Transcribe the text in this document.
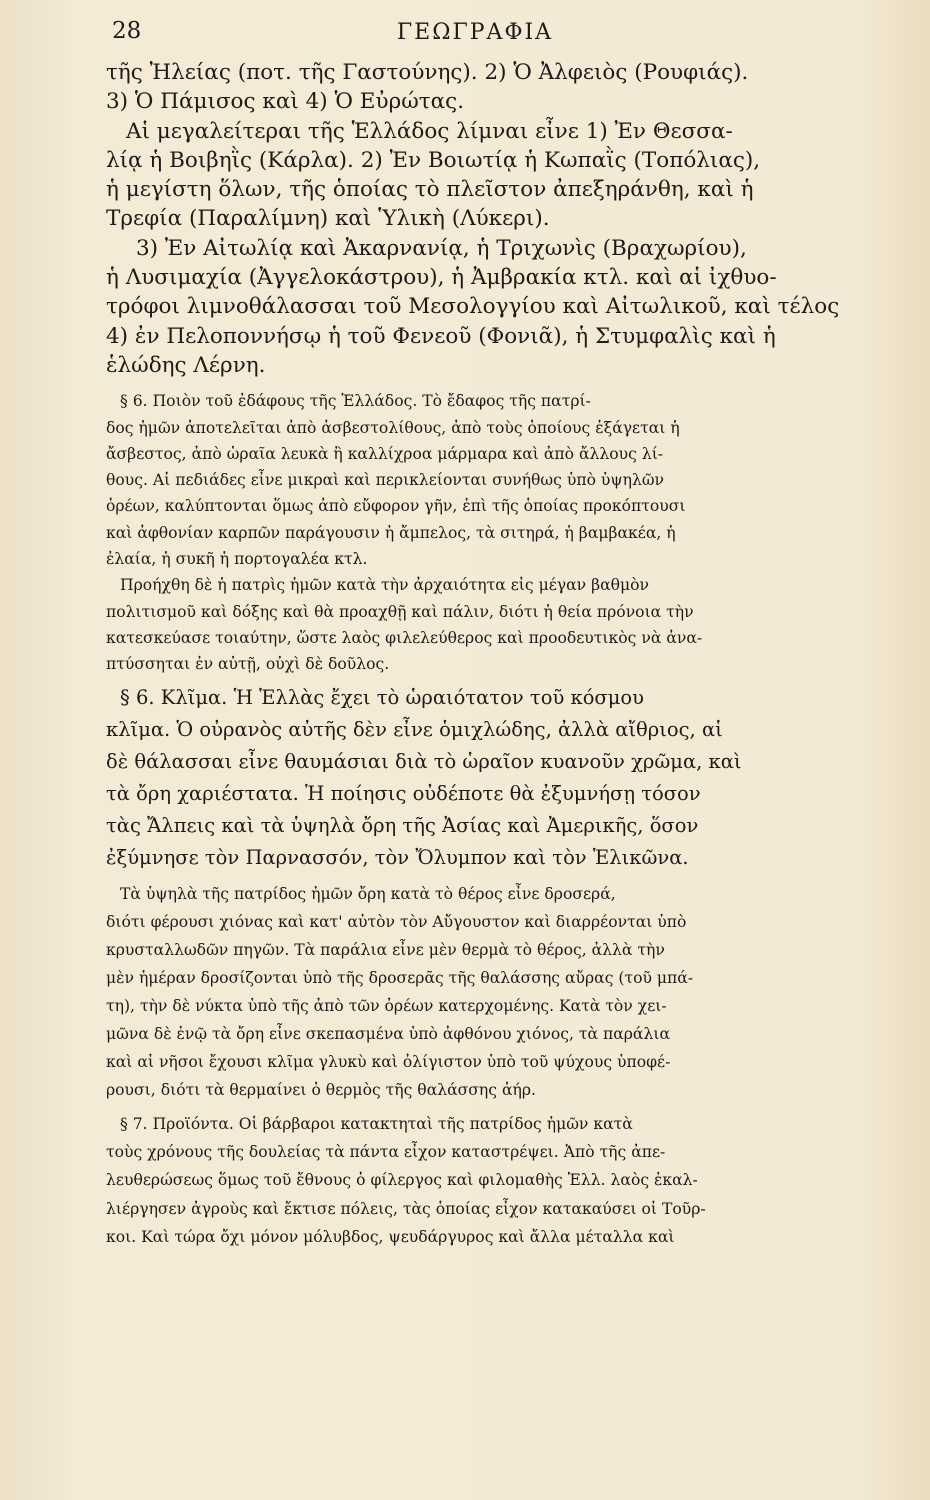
28	ΓΕΩΓΡΑΦΙΑ
τῆς Ἠλείας (ποτ. τῆς Γαστούνης). 2) Ὁ Ἀλφειὸς (Ρουφιάς).
3) Ὁ Πάμισος καὶ 4) Ὁ Εὐρώτας.
Αἱ μεγαλείτεραι τῆς Ἑλλάδος λίμναι εἶνε 1) Ἐν Θεσσα-
λίᾳ ἡ Βοιβηῒς (Κάρλα). 2) Ἐν Βοιωτίᾳ ἡ Κωπαῒς (Τοπόλιας),
ἡ μεγίστη ὅλων, τῆς ὁποίας τὸ πλεῖστον ἀπεξηράνθη, καὶ ἡ
Τρεφία (Παραλίμνη) καὶ Ὑλικὴ (Λύκερι).
3) Ἐν Αἰτωλίᾳ καὶ Ἀκαρνανίᾳ, ἡ Τριχωνὶς (Βραχωρίου),
ἡ Λυσιμαχία (Ἀγγελοκάστρου), ἡ Ἀμβρακία κτλ. καὶ αἱ ἰχθυο-
τρόφοι λιμνοθάλασσαι τοῦ Μεσολογγίου καὶ Αἰτωλικοῦ, καὶ τέλος
4) ἐν Πελοποννήσῳ ἡ τοῦ Φενεοῦ (Φονιᾶ), ἡ Στυμφαλὶς καὶ ἡ
ἑλώδης Λέρνη.
§ 6. Ποιὸν τοῦ ἐδάφους τῆς Ἑλλάδος. Τὸ ἔδαφος τῆς πατρί-
δος ἡμῶν ἀποτελεῖται ἀπὸ ἀσβεστολίθους, ἀπὸ τοὺς ὁποίους ἐξάγεται ἡ
ἄσβεστος, ἀπὸ ὡραῖα λευκὰ ἢ καλλίχροα μάρμαρα καὶ ἀπὸ ἄλλους λί-
θους. Αἱ πεδιάδες εἶνε μικραὶ καὶ περικλείονται συνήθως ὑπὸ ὑψηλῶν
ὀρέων, καλύπτονται ὅμως ἀπὸ εὔφορον γῆν, ἐπὶ τῆς ὁποίας προκόπτουσι
καὶ ἀφθονίαν καρπῶν παράγουσιν ἡ ἄμπελος, τὰ σιτηρά, ἡ βαμβακέα, ἡ
ἐλαία, ἡ συκῆ ἡ πορτογαλέα κτλ.
Προήχθη δὲ ἡ πατρὶς ἡμῶν κατὰ τὴν ἀρχαιότητα εἰς μέγαν βαθμὸν
πολιτισμοῦ καὶ δόξης καὶ θὰ προαχθῇ καὶ πάλιν, διότι ἡ θεία πρόνοια τὴν
κατεσκεύασε τοιαύτην, ὥστε λαὸς φιλελεύθερος καὶ προοδευτικὸς νὰ ἀνα-
πτύσσηται ἐν αὐτῇ, οὐχὶ δὲ δοῦλος.
§ 6. Κλῖμα. Ἡ Ἑλλὰς ἔχει τὸ ὡραιότατον τοῦ κόσμου
κλῖμα. Ὁ οὐρανὸς αὐτῆς δὲν εἶνε ὁμιχλώδης, ἀλλὰ αἴθριος, αἱ
δὲ θάλασσαι εἶνε θαυμάσιαι διὰ τὸ ὡραῖον κυανοῦν χρῶμα, καὶ
τὰ ὄρη χαριέστατα. Ἡ ποίησις οὐδέποτε θὰ ἐξυμνήσῃ τόσον
τὰς Ἄλπεις καὶ τὰ ὑψηλὰ ὄρη τῆς Ἀσίας καὶ Ἀμερικῆς, ὅσον
ἐξύμνησε τὸν Παρνασσόν, τὸν Ὄλυμπον καὶ τὸν Ἑλικῶνα.
Τὰ ὑψηλὰ τῆς πατρίδος ἡμῶν ὄρη κατὰ τὸ θέρος εἶνε δροσερά,
διότι φέρουσι χιόνας καὶ κατ' αὐτὸν τὸν Αὔγουστον καὶ διαρρέονται ὑπὸ
κρυσταλλωδῶν πηγῶν. Τὰ παράλια εἶνε μὲν θερμὰ τὸ θέρος, ἀλλὰ τὴν
μὲν ἡμέραν δροσίζονται ὑπὸ τῆς δροσερᾶς τῆς θαλάσσης αὔρας (τοῦ μπά-
τη), τὴν δὲ νύκτα ὑπὸ τῆς ἀπὸ τῶν ὀρέων κατερχομένης. Κατὰ τὸν χει-
μῶνα δὲ ἐνῷ τὰ ὄρη εἶνε σκεπασμένα ὑπὸ ἀφθόνου χιόνος, τὰ παράλια
καὶ αἱ νῆσοι ἔχουσι κλῖμα γλυκὺ καὶ ὀλίγιστον ὑπὸ τοῦ ψύχους ὑποφέ-
ρουσι, διότι τὰ θερμαίνει ὁ θερμὸς τῆς θαλάσσης ἀήρ.
§ 7. Προϊόντα. Οἱ βάρβαροι κατακτηταὶ τῆς πατρίδος ἡμῶν κατὰ
τοὺς χρόνους τῆς δουλείας τὰ πάντα εἶχον καταστρέψει. Ἀπὸ τῆς ἀπε-
λευθερώσεως ὅμως τοῦ ἔθνους ὁ φίλεργος καὶ φιλομαθὴς Ἑλλ. λαὸς ἐκαλ-
λιέργησεν ἀγροὺς καὶ ἔκτισε πόλεις, τὰς ὁποίας εἶχον κατακαύσει οἱ Τοῦρ-
κοι. Καὶ τώρα ὄχι μόνον μόλυβδος, ψευδάργυρος καὶ ἄλλα μέταλλα καὶ
